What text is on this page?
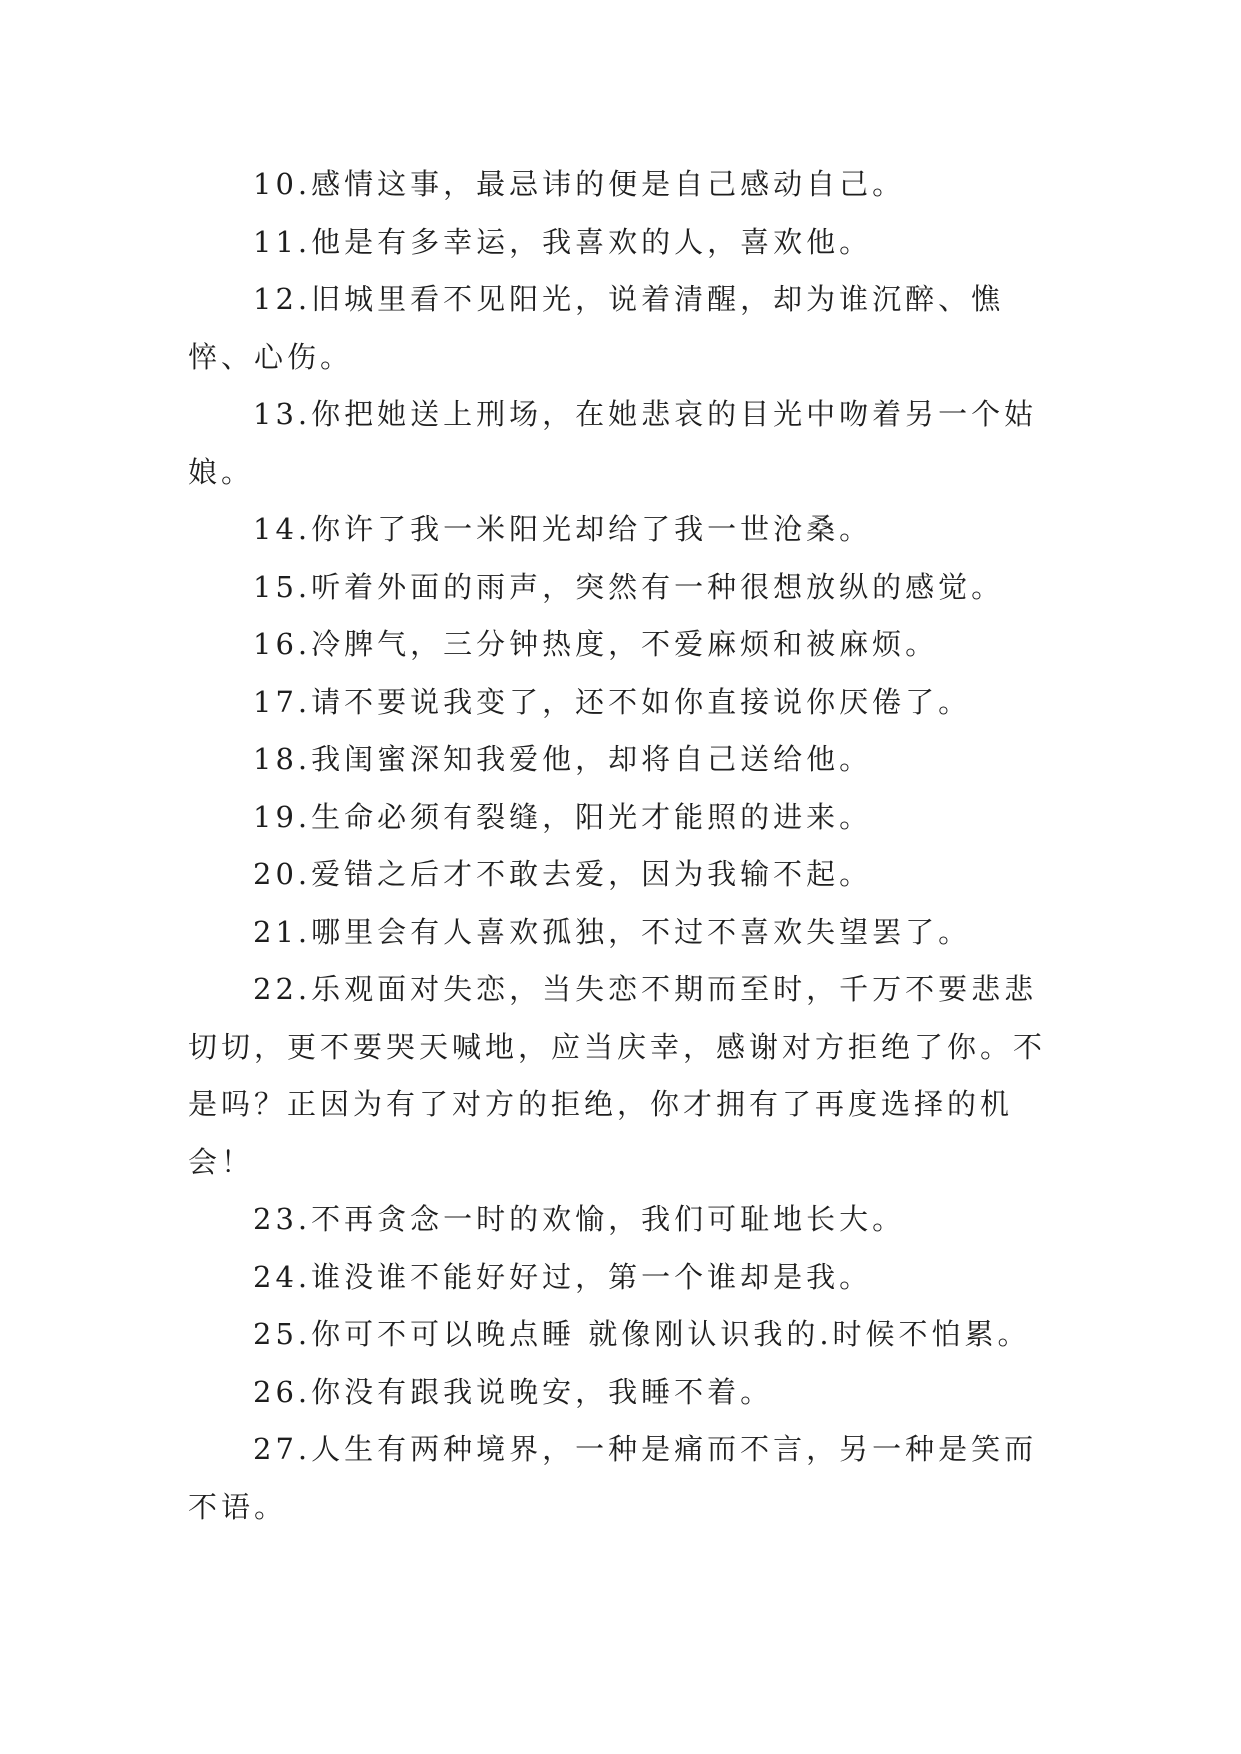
10.感情这事，最忌讳的便是自己感动自己。

11.他是有多幸运，我喜欢的人，喜欢他。

12.旧城里看不见阳光，说着清醒，却为谁沉醉、憔悴、心伤。

13.你把她送上刑场，在她悲哀的目光中吻着另一个姑娘。

14.你许了我一米阳光却给了我一世沧桑。

15.听着外面的雨声，突然有一种很想放纵的感觉。

16.冷脾气，三分钟热度，不爱麻烦和被麻烦。

17.请不要说我变了，还不如你直接说你厌倦了。

18.我闺蜜深知我爱他，却将自己送给他。

19.生命必须有裂缝，阳光才能照的进来。

20.爱错之后才不敢去爱，因为我输不起。

21.哪里会有人喜欢孤独，不过不喜欢失望罢了。

22.乐观面对失恋，当失恋不期而至时，千万不要悲悲切切，更不要哭天喊地，应当庆幸，感谢对方拒绝了你。不是吗？正因为有了对方的拒绝，你才拥有了再度选择的机会！

23.不再贪念一时的欢愉，我们可耻地长大。

24.谁没谁不能好好过，第一个谁却是我。

25.你可不可以晚点睡 就像刚认识我的.时候不怕累。

26.你没有跟我说晚安，我睡不着。

27.人生有两种境界，一种是痛而不言，另一种是笑而不语。
